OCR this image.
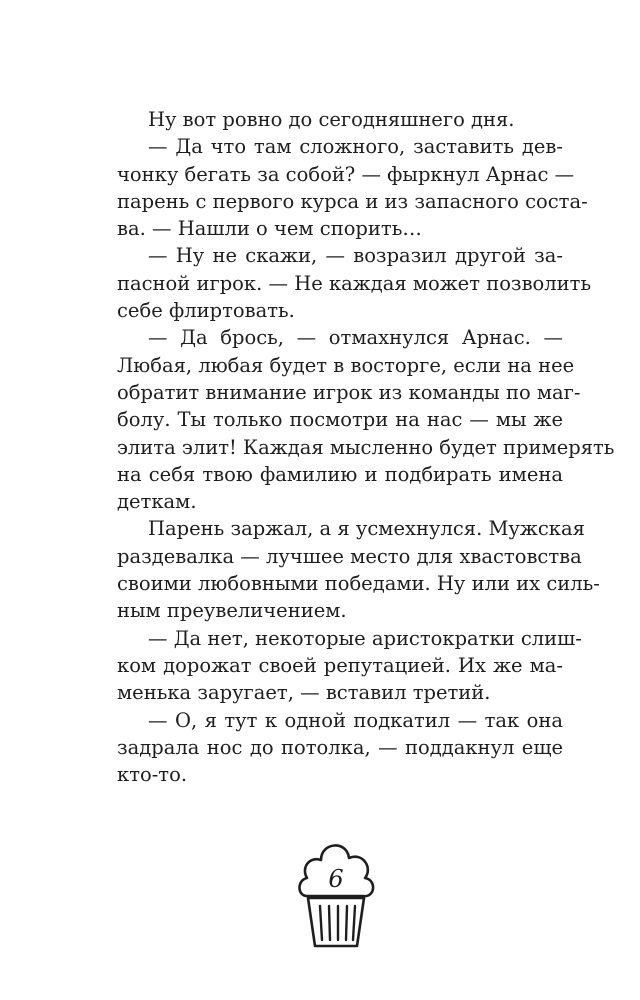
Ну вот ровно до сегодняшнего дня.
— Да что там сложного, заставить дев-
чонку бегать за собой? — фыркнул Арнас —
парень с первого курса и из запасного соста-
ва. — Нашли о чем спорить…
— Ну не скажи, — возразил другой за-
пасной игрок. — Не каждая может позволить
себе флиртовать.
— Да брось, — отмахнулся Арнас. —
Любая, любая будет в восторге, если на нее
обратит внимание игрок из команды по маг-
болу. Ты только посмотри на нас — мы же
элита элит! Каждая мысленно будет примерять
на себя твою фамилию и подбирать имена
деткам.
Парень заржал, а я усмехнулся. Мужская
раздевалка — лучшее место для хвастовства
своими любовными победами. Ну или их силь-
ным преувеличением.
— Да нет, некоторые аристократки слиш-
ком дорожат своей репутацией. Их же ма-
менька заругает, — вставил третий.
— О, я тут к одной подкатил — так она
задрала нос до потолка, — поддакнул еще
кто-то.
6
